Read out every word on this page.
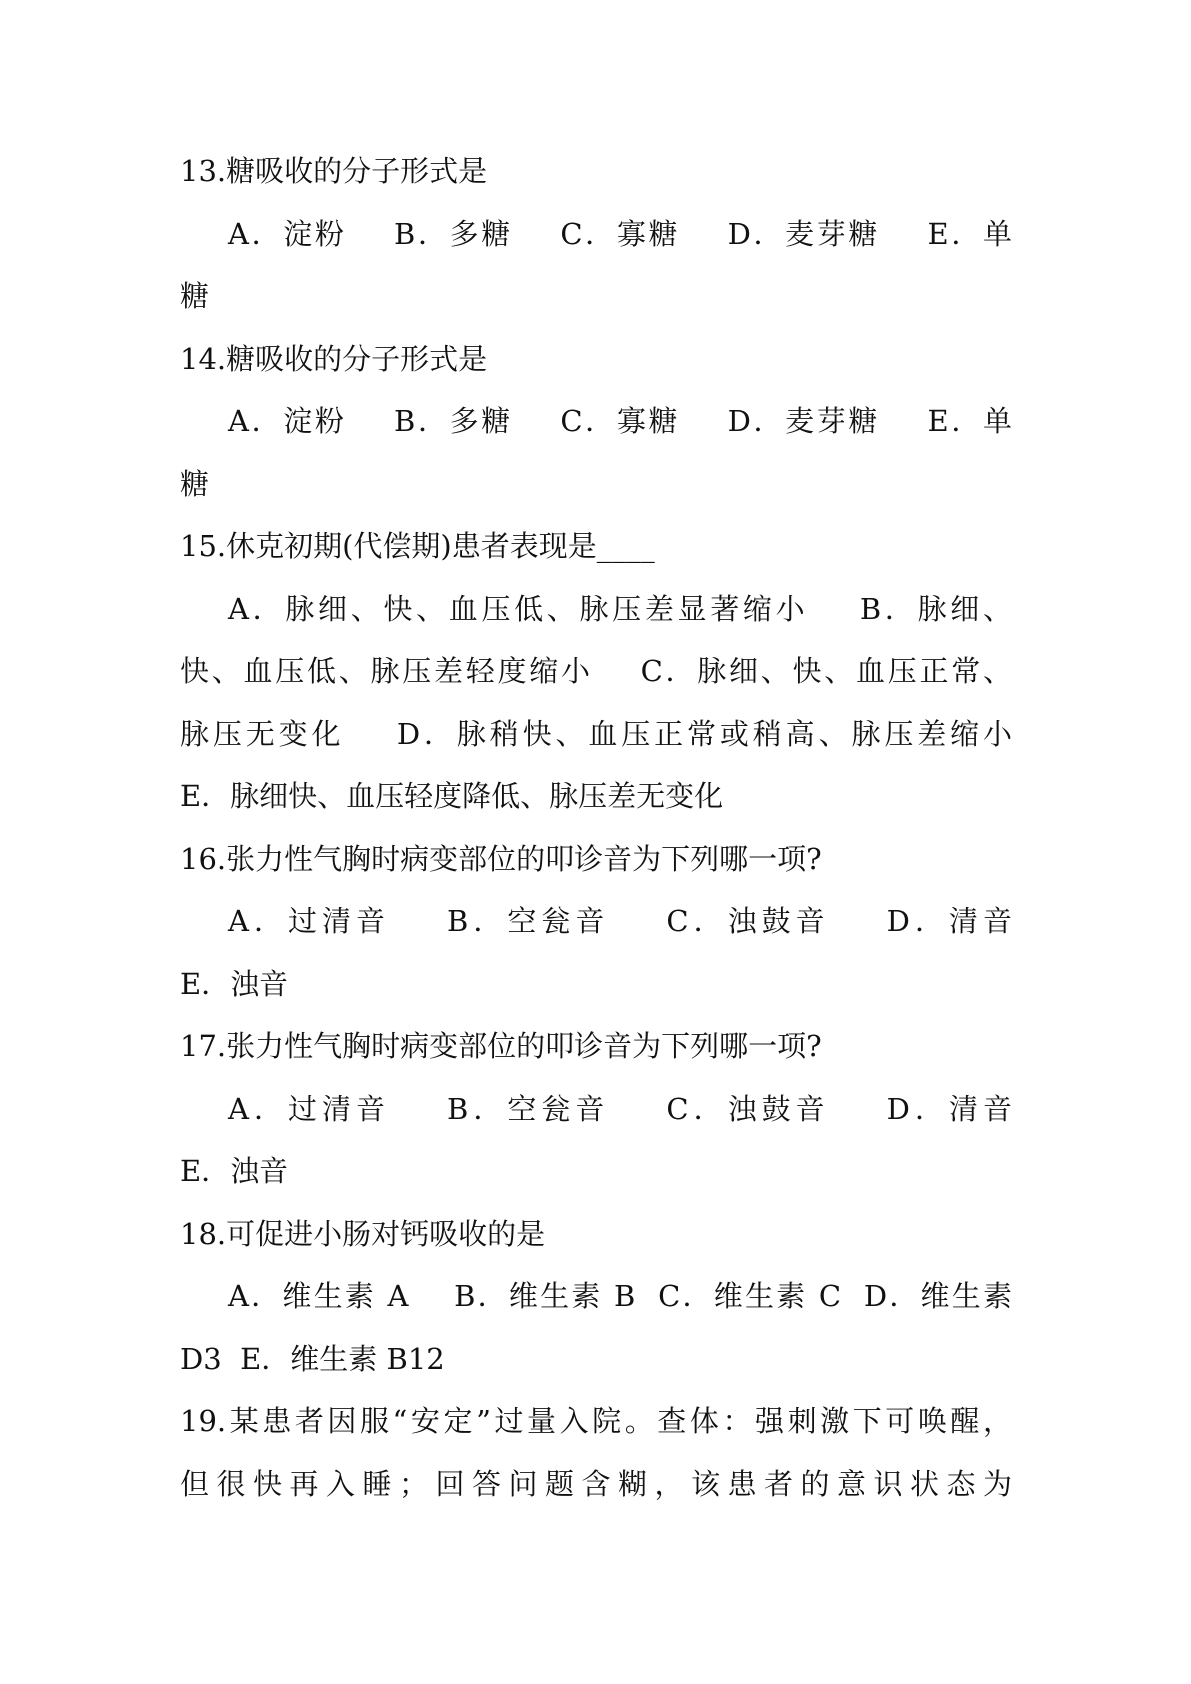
13.糖吸收的分子形式是
A．淀粉    B．多糖    C．寡糖    D．麦芽糖    E．单
糖
14.糖吸收的分子形式是
A．淀粉    B．多糖    C．寡糖    D．麦芽糖    E．单
糖
15.休克初期(代偿期)患者表现是____
A．脉细、快、血压低、脉压差显著缩小    B．脉细、
快、血压低、脉压差轻度缩小    C．脉细、快、血压正常、
脉压无变化    D．脉稍快、血压正常或稍高、脉压差缩小
E．脉细快、血压轻度降低、脉压差无变化
16.张力性气胸时病变部位的叩诊音为下列哪一项?
A．过清音    B．空瓮音    C．浊鼓音    D．清音
E．浊音
17.张力性气胸时病变部位的叩诊音为下列哪一项?
A．过清音    B．空瓮音    C．浊鼓音    D．清音
E．浊音
18.可促进小肠对钙吸收的是
A．维生素 A    B．维生素 B  C．维生素 C  D．维生素
D3  E．维生素 B12
19.某患者因服“安定”过量入院。查体：强刺激下可唤醒，
但很快再入睡；回答问题含糊，该患者的意识状态为
